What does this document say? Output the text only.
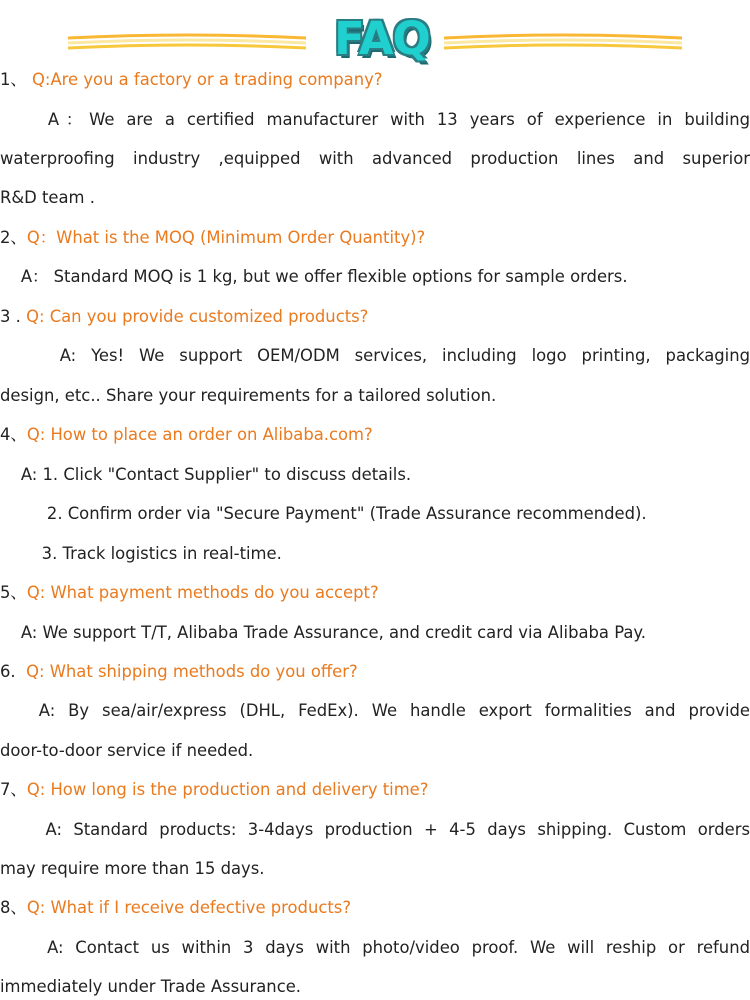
FAQ
1、 Q:Are you a factory or a trading company?
A：We are a certified manufacturer with 13 years of experience in building
waterproofing industry ,equipped with advanced production lines and superior
R&D team .
2、Q：What is the MOQ (Minimum Order Quantity)?
A： Standard MOQ is 1 kg, but we offer flexible options for sample orders.
3 . Q: Can you provide customized products?
A: Yes! We support OEM/ODM services, including logo printing, packaging
design, etc.. Share your requirements for a tailored solution.
4、Q: How to place an order on Alibaba.com?
A: 1. Click "Contact Supplier" to discuss details.
2. Confirm order via "Secure Payment" (Trade Assurance recommended).
3. Track logistics in real-time.
5、Q: What payment methods do you accept?
A: We support T/T, Alibaba Trade Assurance, and credit card via Alibaba Pay.
6.  Q: What shipping methods do you offer?
A: By sea/air/express (DHL, FedEx). We handle export formalities and provide
door-to-door service if needed.
7、Q: How long is the production and delivery time?
A: Standard products: 3-4days production + 4-5 days shipping. Custom orders
may require more than 15 days.
8、Q: What if I receive defective products?
A: Contact us within 3 days with photo/video proof. We will reship or refund
immediately under Trade Assurance.
